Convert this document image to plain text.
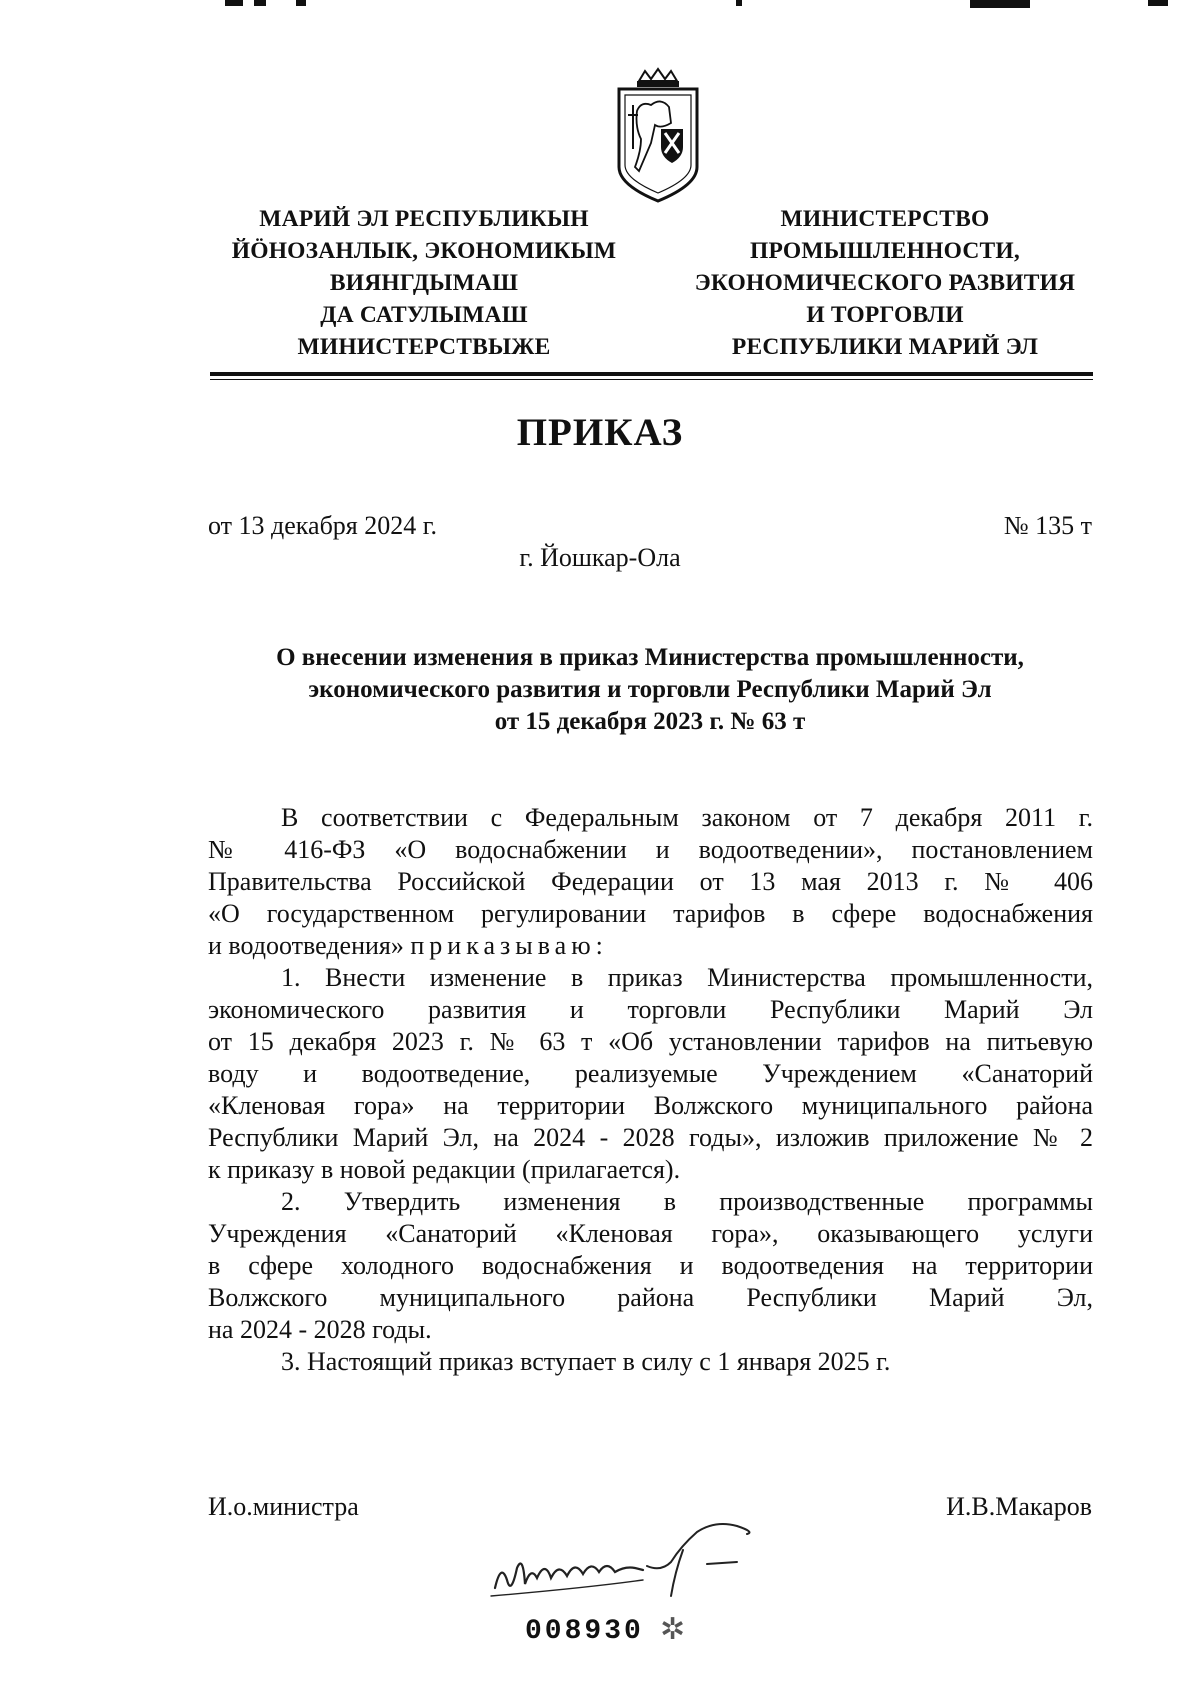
МАРИЙ ЭЛ РЕСПУБЛИКЫН
ЙӦНОЗАНЛЫК, ЭКОНОМИКЫМ
ВИЯНГДЫМАШ
ДА САТУЛЫМАШ
МИНИСТЕРСТВЫЖЕ
МИНИСТЕРСТВО
ПРОМЫШЛЕННОСТИ,
ЭКОНОМИЧЕСКОГО РАЗВИТИЯ
И ТОРГОВЛИ
РЕСПУБЛИКИ МАРИЙ ЭЛ
ПРИКАЗ
от 13 декабря 2024 г.	№ 135 т
г. Йошкар-Ола
О внесении изменения в приказ Министерства промышленности,
экономического развития и торговли Республики Марий Эл
от 15 декабря 2023 г. № 63 т
В соответствии с Федеральным законом от 7 декабря 2011 г.
№ 416-ФЗ «О водоснабжении и водоотведении», постановлением
Правительства Российской Федерации от 13 мая 2013 г. № 406
«О государственном регулировании тарифов в сфере водоснабжения
и водоотведения» приказываю:
1. Внести изменение в приказ Министерства промышленности,
экономического развития и торговли Республики Марий Эл
от 15 декабря 2023 г. № 63 т «Об установлении тарифов на питьевую
воду и водоотведение, реализуемые Учреждением «Санаторий
«Кленовая гора» на территории Волжского муниципального района
Республики Марий Эл, на 2024 - 2028 годы», изложив приложение № 2
к приказу в новой редакции (прилагается).
2. Утвердить изменения в производственные программы
Учреждения «Санаторий «Кленовая гора», оказывающего услуги
в сфере холодного водоснабжения и водоотведения на территории
Волжского муниципального района Республики Марий Эл,
на 2024 - 2028 годы.
3. Настоящий приказ вступает в силу с 1 января 2025 г.
И.о.министра	И.В.Макаров
008930 ✲
